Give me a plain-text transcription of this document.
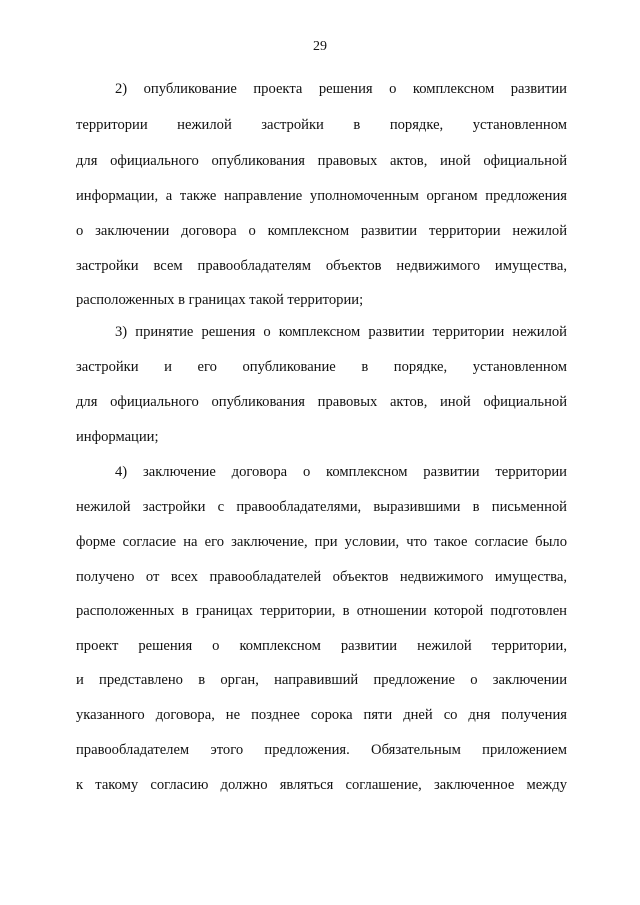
29
2) опубликование проекта решения о комплексном развитии
территории нежилой застройки в порядке, установленном
для официального опубликования правовых актов, иной официальной
информации, а также направление уполномоченным органом предложения
о заключении договора о комплексном развитии территории нежилой
застройки всем правообладателям объектов недвижимого имущества,
расположенных в границах такой территории;
3) принятие решения о комплексном развитии территории нежилой
застройки и его опубликование в порядке, установленном
для официального опубликования правовых актов, иной официальной
информации;
4) заключение договора о комплексном развитии территории
нежилой застройки с правообладателями, выразившими в письменной
форме согласие на его заключение, при условии, что такое согласие было
получено от всех правообладателей объектов недвижимого имущества,
расположенных в границах территории, в отношении которой подготовлен
проект решения о комплексном развитии нежилой территории,
и представлено в орган, направивший предложение о заключении
указанного договора, не позднее сорока пяти дней со дня получения
правообладателем этого предложения. Обязательным приложением
к такому согласию должно являться соглашение, заключенное между
